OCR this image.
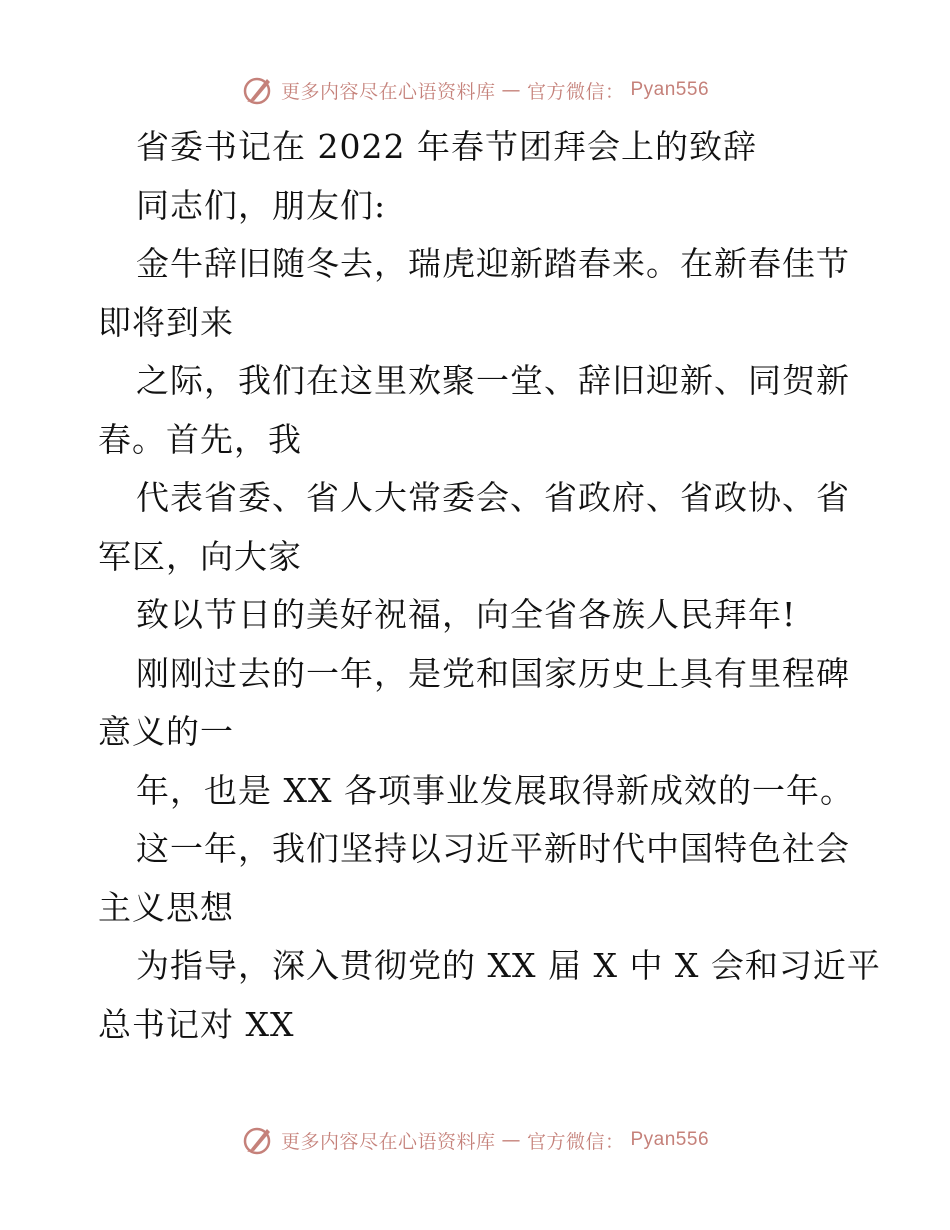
更多内容尽在心语资料库 — 官方微信： Pyan556
省委书记在 2022 年春节团拜会上的致辞
同志们，朋友们:
金牛辞旧随冬去，瑞虎迎新踏春来。在新春佳节
即将到来
之际，我们在这里欢聚一堂、辞旧迎新、同贺新
春。首先，我
代表省委、省人大常委会、省政府、省政协、省
军区，向大家
致以节日的美好祝福，向全省各族人民拜年!
刚刚过去的一年，是党和国家历史上具有里程碑
意义的一
年，也是 XX 各项事业发展取得新成效的一年。
这一年，我们坚持以习近平新时代中国特色社会
主义思想
为指导，深入贯彻党的 XX 届 X 中 X 会和习近平
总书记对 XX
更多内容尽在心语资料库 — 官方微信： Pyan556
